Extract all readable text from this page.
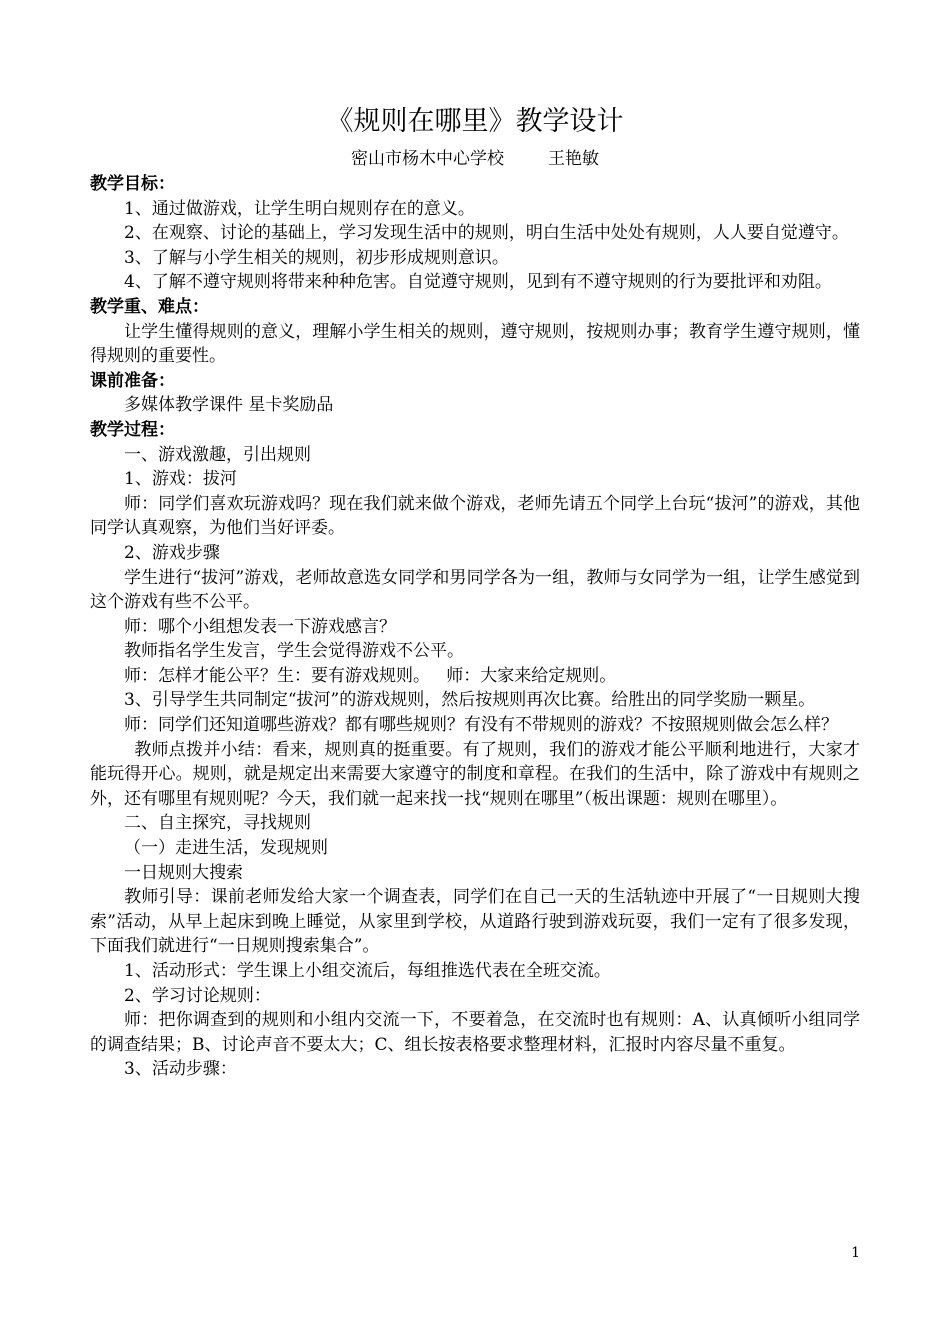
《规则在哪里》教学设计
密山市杨木中心学校	王艳敏
教学目标：
1、通过做游戏，让学生明白规则存在的意义。
2、在观察、讨论的基础上，学习发现生活中的规则，明白生活中处处有规则，人人要自觉遵守。
3、了解与小学生相关的规则，初步形成规则意识。
4、了解不遵守规则将带来种种危害。自觉遵守规则，见到有不遵守规则的行为要批评和劝阻。
教学重、难点：
让学生懂得规则的意义，理解小学生相关的规则，遵守规则，按规则办事；教育学生遵守规则，懂得规则的重要性。
课前准备：
多媒体教学课件 星卡奖励品
教学过程：
一、游戏激趣，引出规则
1、游戏：拔河
师：同学们喜欢玩游戏吗？现在我们就来做个游戏，老师先请五个同学上台玩“拔河”的游戏，其他同学认真观察，为他们当好评委。
2、游戏步骤
学生进行“拔河”游戏，老师故意选女同学和男同学各为一组，教师与女同学为一组，让学生感觉到这个游戏有些不公平。
师：哪个小组想发表一下游戏感言？
教师指名学生发言，学生会觉得游戏不公平。
师：怎样才能公平？生：要有游戏规则。   师：大家来给定规则。
3、引导学生共同制定“拔河”的游戏规则，然后按规则再次比赛。给胜出的同学奖励一颗星。
师：同学们还知道哪些游戏？都有哪些规则？有没有不带规则的游戏？不按照规则做会怎么样？
教师点拨并小结：看来，规则真的挺重要。有了规则，我们的游戏才能公平顺利地进行，大家才能玩得开心。规则，就是规定出来需要大家遵守的制度和章程。在我们的生活中，除了游戏中有规则之外，还有哪里有规则呢？今天，我们就一起来找一找“规则在哪里”（板出课题：规则在哪里）。
二、自主探究，寻找规则
（一）走进生活，发现规则
一日规则大搜索
教师引导：课前老师发给大家一个调查表，同学们在自己一天的生活轨迹中开展了“一日规则大搜索”活动，从早上起床到晚上睡觉，从家里到学校，从道路行驶到游戏玩耍，我们一定有了很多发现，下面我们就进行“一日规则搜索集合”。
1、活动形式：学生课上小组交流后，每组推选代表在全班交流。
2、学习讨论规则：
师：把你调查到的规则和小组内交流一下，不要着急，在交流时也有规则：A、认真倾听小组同学的调查结果；B、讨论声音不要太大；C、组长按表格要求整理材料，汇报时内容尽量不重复。
3、活动步骤：
1
